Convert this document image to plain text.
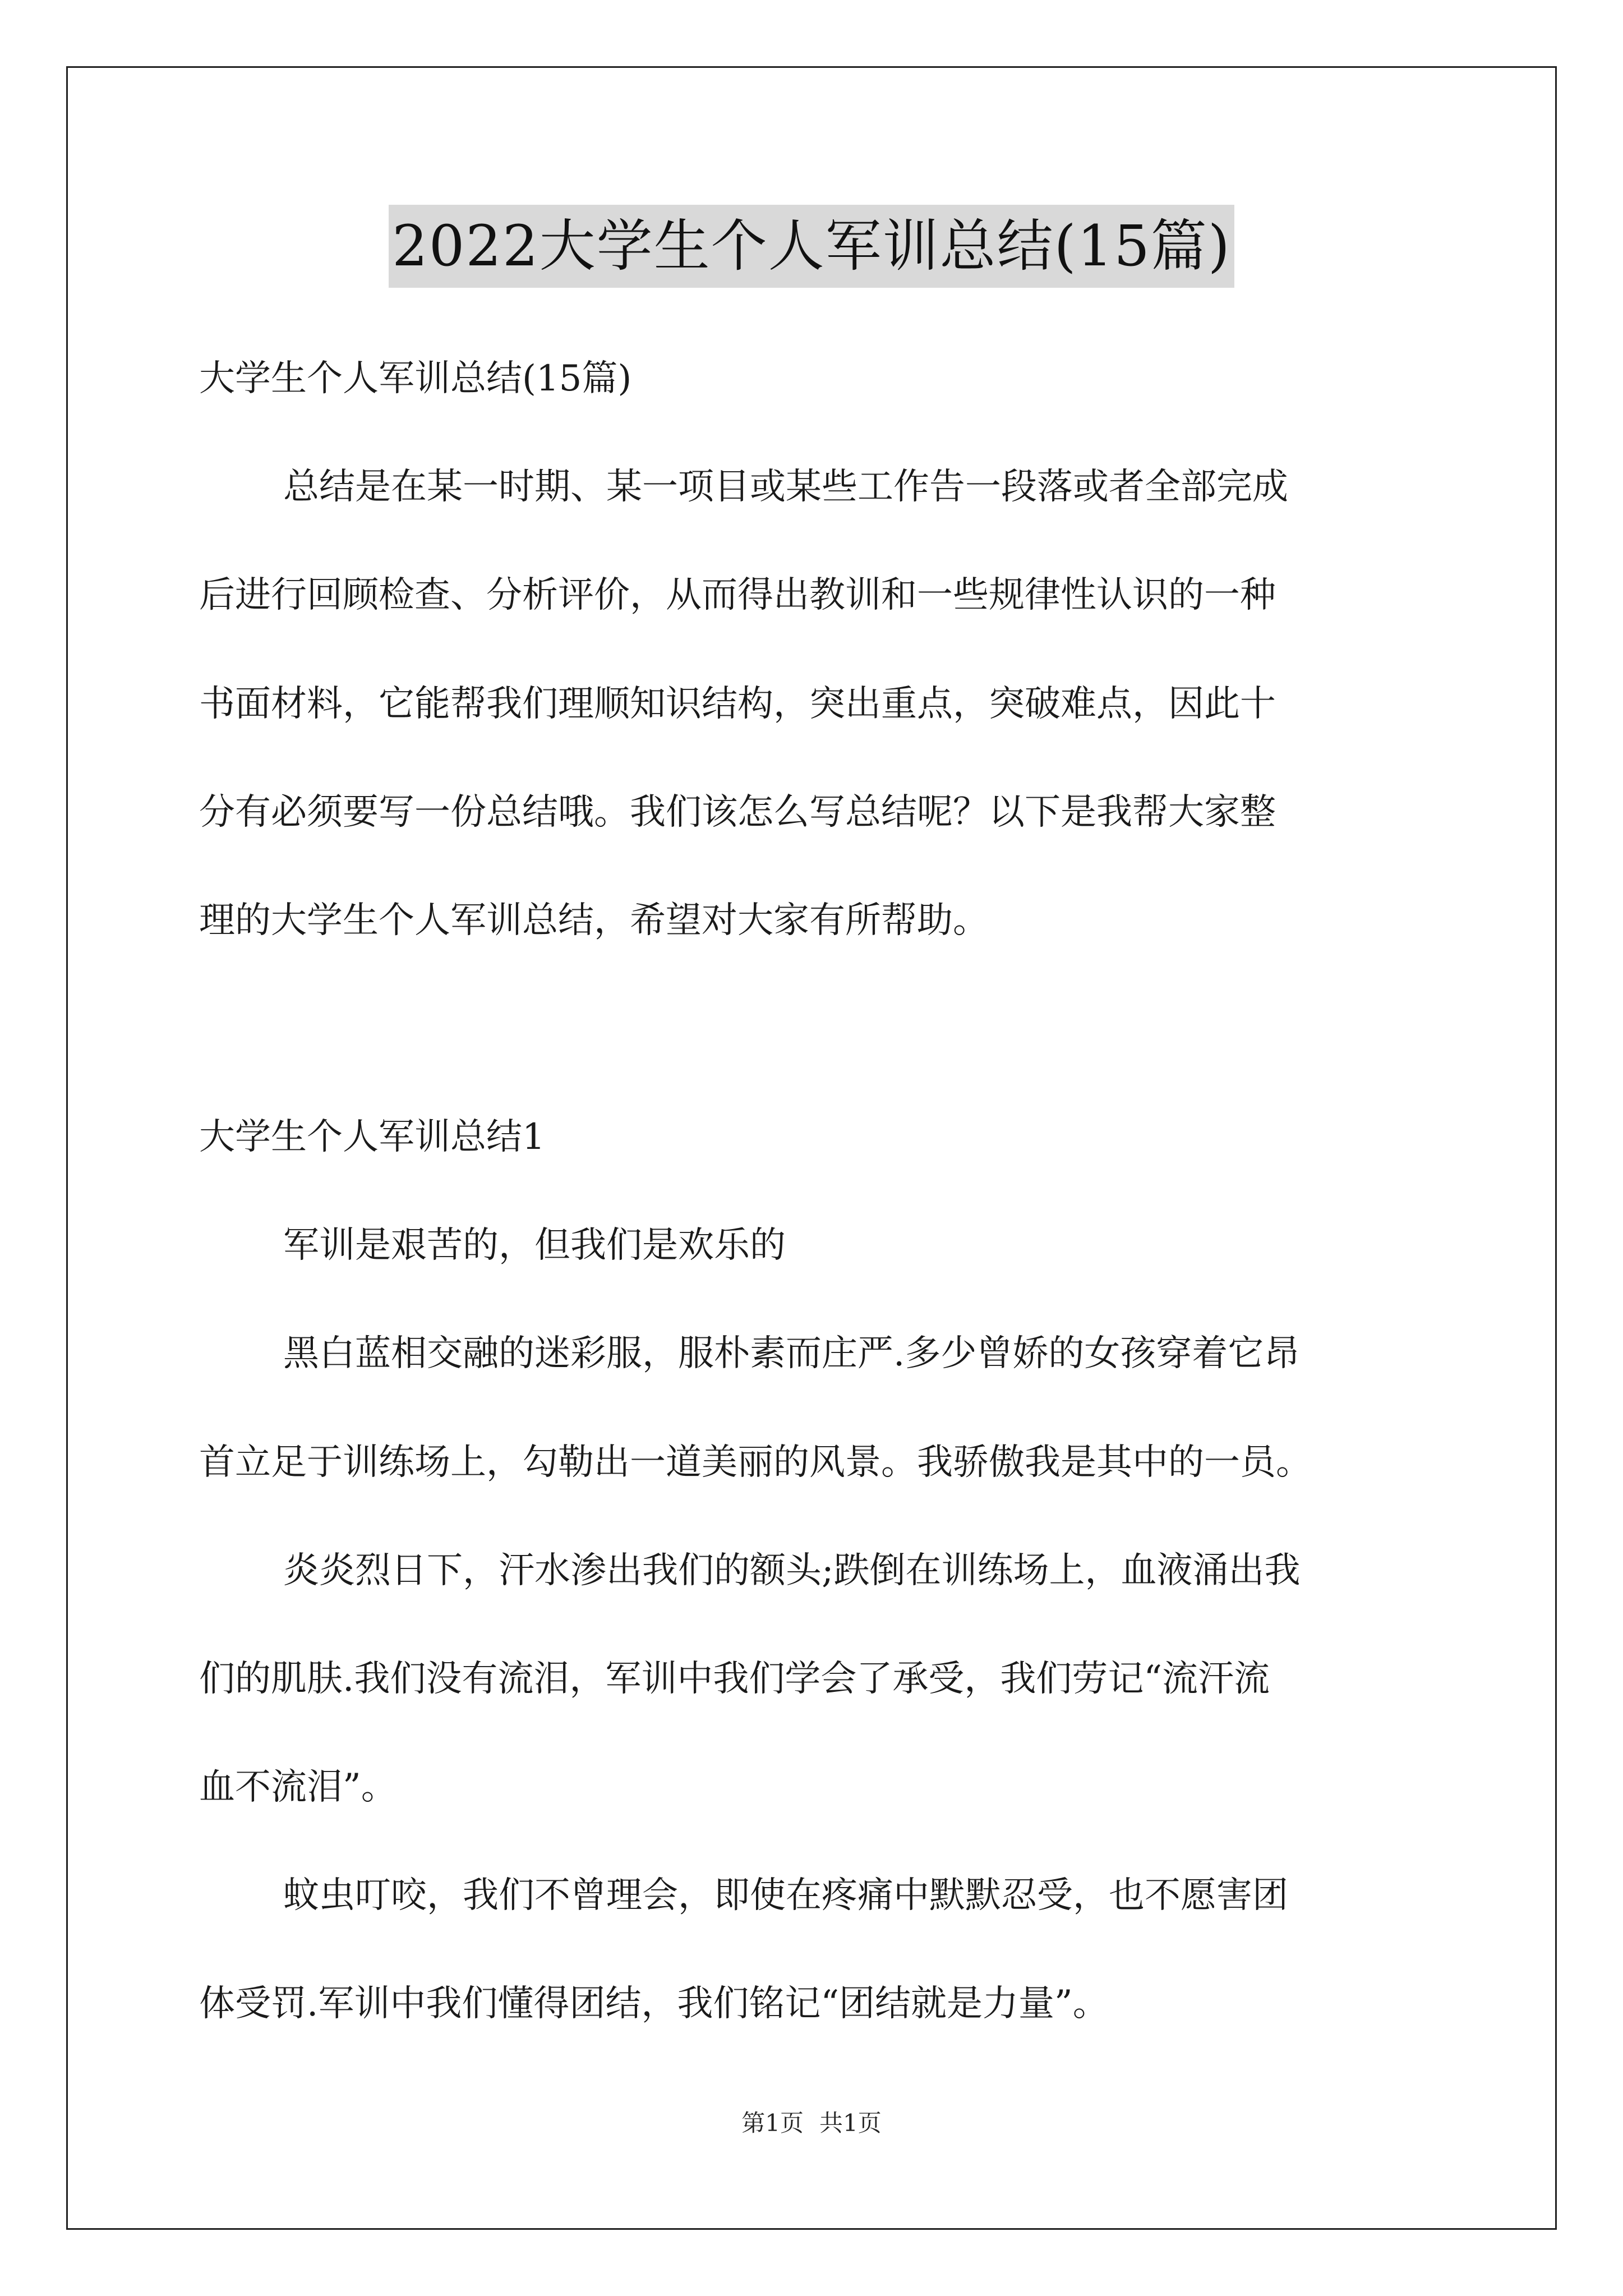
2022大学生个人军训总结(15篇)
大学生个人军训总结(15篇)
总结是在某一时期、某一项目或某些工作告一段落或者全部完成
后进行回顾检查、分析评价，从而得出教训和一些规律性认识的一种
书面材料，它能帮我们理顺知识结构，突出重点，突破难点，因此十
分有必须要写一份总结哦。我们该怎么写总结呢？以下是我帮大家整
理的大学生个人军训总结，希望对大家有所帮助。
大学生个人军训总结1
军训是艰苦的，但我们是欢乐的
黑白蓝相交融的迷彩服，服朴素而庄严.多少曾娇的女孩穿着它昂
首立足于训练场上，勾勒出一道美丽的风景。我骄傲我是其中的一员。
炎炎烈日下，汗水渗出我们的额头;跌倒在训练场上，血液涌出我
们的肌肤.我们没有流泪，军训中我们学会了承受，我们劳记“流汗流
血不流泪”。
蚊虫叮咬，我们不曾理会，即使在疼痛中默默忍受，也不愿害团
体受罚.军训中我们懂得团结，我们铭记“团结就是力量”。
第1页 共1页
